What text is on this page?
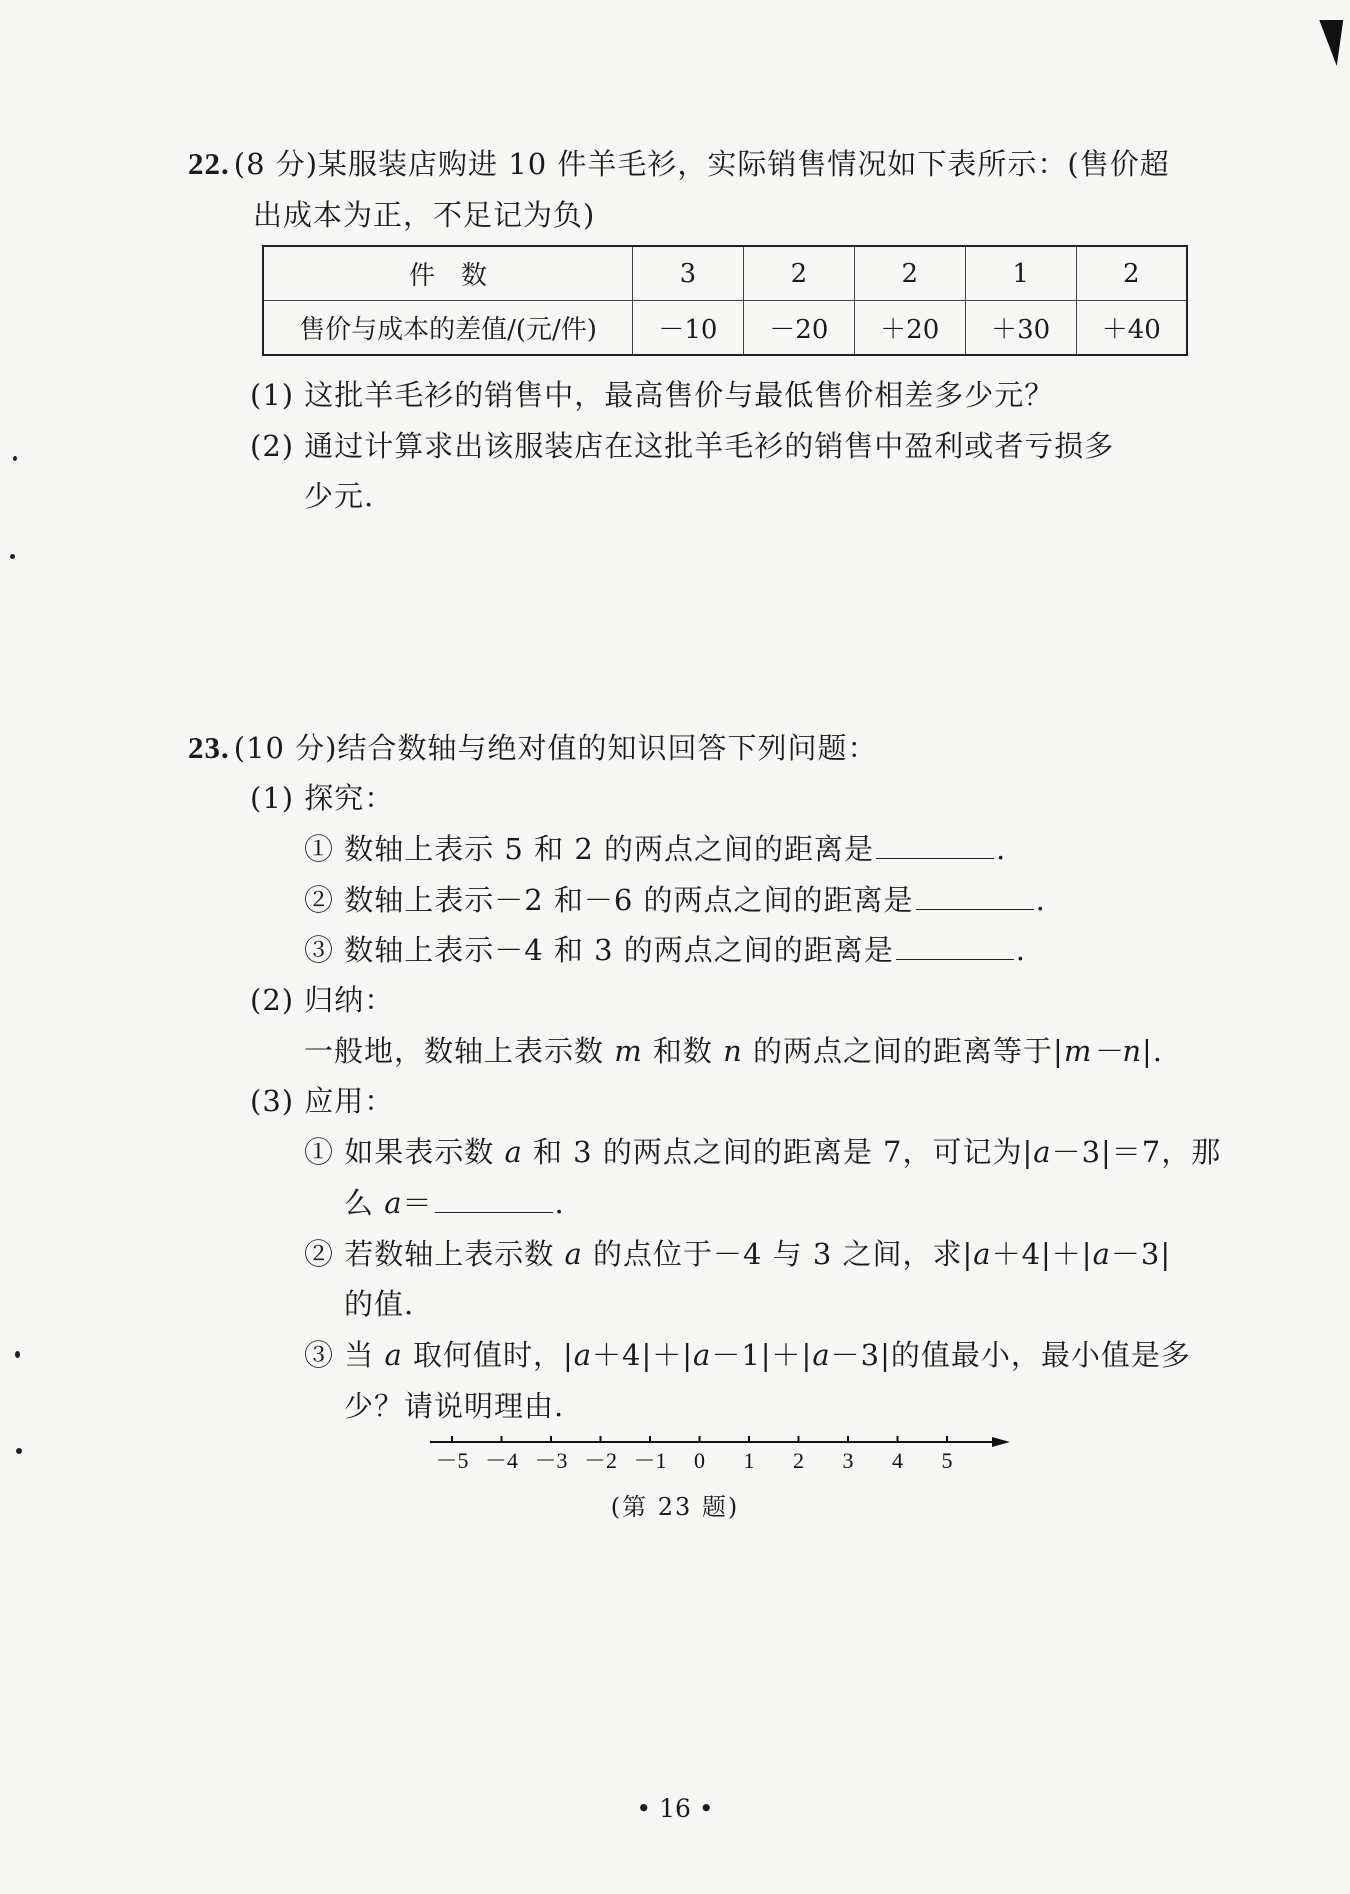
22. (8 分)某服装店购进 10 件羊毛衫，实际销售情况如下表所示：(售价超
出成本为正，不足记为负)
件　数	3	2	2	1	2
售价与成本的差值/(元/件)	－10	－20	＋20	＋30	＋40
(1) 这批羊毛衫的销售中，最高售价与最低售价相差多少元？
(2) 通过计算求出该服装店在这批羊毛衫的销售中盈利或者亏损多
少元.
23. (10 分)结合数轴与绝对值的知识回答下列问题：
(1) 探究：
① 数轴上表示 5 和 2 的两点之间的距离是	.
② 数轴上表示－2 和－6 的两点之间的距离是	.
③ 数轴上表示－4 和 3 的两点之间的距离是	.
(2) 归纳：
一般地，数轴上表示数 m 和数 n 的两点之间的距离等于|m－n|.
(3) 应用：
① 如果表示数 a 和 3 的两点之间的距离是 7，可记为|a－3|＝7，那
么 a＝	.
② 若数轴上表示数 a 的点位于－4 与 3 之间，求|a＋4|＋|a－3|
的值.
③ 当 a 取何值时，|a＋4|＋|a－1|＋|a－3|的值最小，最小值是多
少？请说明理由.
－5 －4 －3 －2 －1 0 1 2 3 4 5
(第 23 题)
• 16 •
